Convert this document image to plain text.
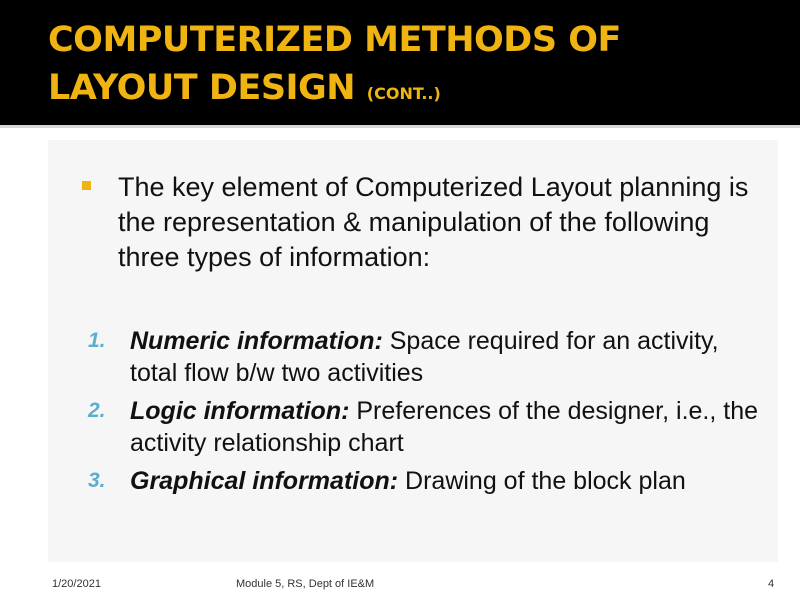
COMPUTERIZED METHODS OF
LAYOUT DESIGN (CONT..)

The key element of Computerized Layout planning is the representation & manipulation of the following three types of information:

1. Numeric information: Space required for an activity, total flow b/w two activities
2. Logic information: Preferences of the designer, i.e., the activity relationship chart
3. Graphical information: Drawing of the block plan
1/20/2021	Module 5, RS, Dept of IE&M	4
